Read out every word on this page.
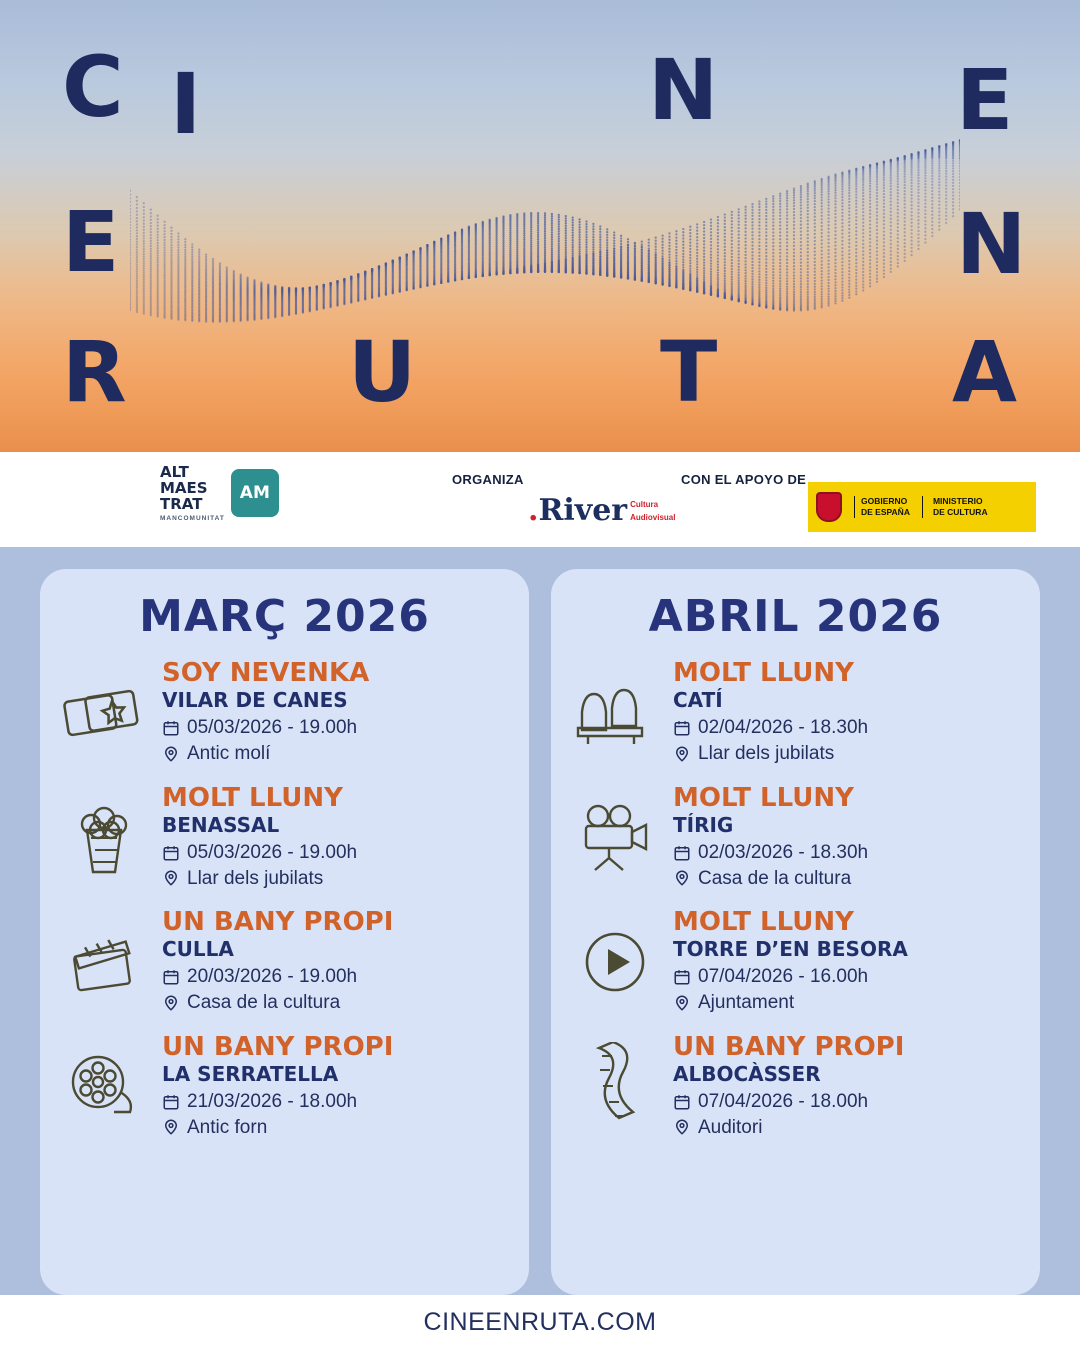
C I	N	E
E	N
R	U	T	A
ALT
MAES
TRAT
MANCOMUNITAT
AM
ORGANIZA	CON EL APOYO DE
.River Cultura
Audiovisual
GOBIERNO
DE ESPAÑA
MINISTERIO
DE CULTURA
MARÇ 2026
SOY NEVENKA
VILAR DE CANES
05/03/2026 - 19.00h
Antic molí
MOLT LLUNY
BENASSAL
05/03/2026 - 19.00h
Llar dels jubilats
UN BANY PROPI
CULLA
20/03/2026 - 19.00h
Casa de la cultura
UN BANY PROPI
LA SERRATELLA
21/03/2026 - 18.00h
Antic forn
ABRIL 2026
MOLT LLUNY
CATÍ
02/04/2026 - 18.30h
Llar dels jubilats
MOLT LLUNY
TÍRIG
02/03/2026 - 18.30h
Casa de la cultura
MOLT LLUNY
TORRE D’EN BESORA
07/04/2026 - 16.00h
Ajuntament
UN BANY PROPI
ALBOCÀSSER
07/04/2026 - 18.00h
Auditori
CINEENRUTA.COM
